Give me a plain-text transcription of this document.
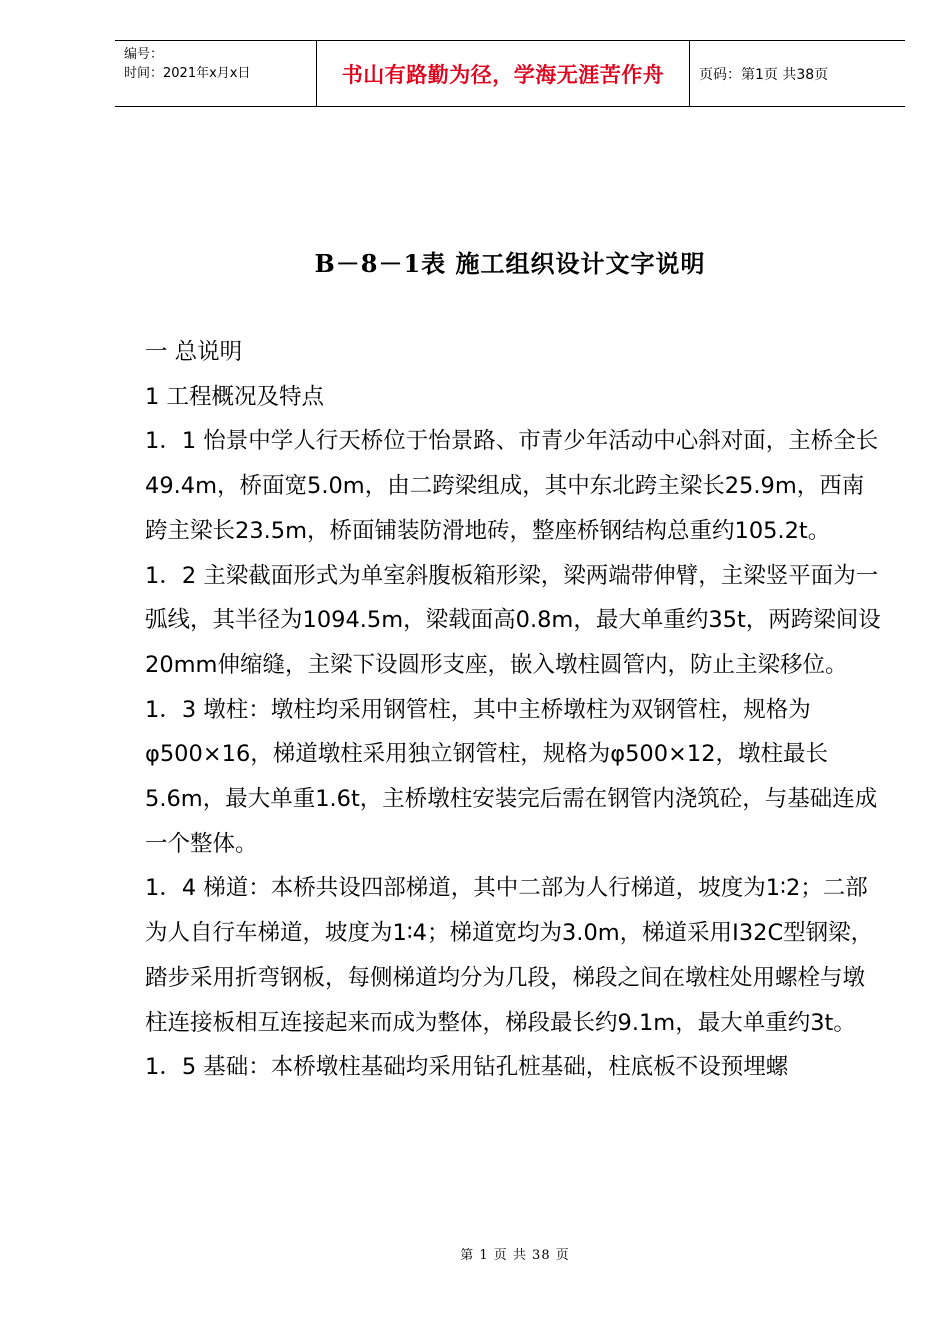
编号：
时间：2021年x月x日	书山有路勤为径，学海无涯苦作舟	页码：第1页 共38页
B－8－1表 施工组织设计文字说明

一 总说明

1 工程概况及特点

1．1 怡景中学人行天桥位于怡景路、市青少年活动中心斜对面，主桥全长49.4m，桥面宽5.0m，由二跨梁组成，其中东北跨主梁长25.9m，西南跨主梁长23.5m，桥面铺装防滑地砖，整座桥钢结构总重约105.2t。

1．2 主梁截面形式为单室斜腹板箱形梁，梁两端带伸臂，主梁竖平面为一弧线，其半径为1094.5m，梁载面高0.8m，最大单重约35t，两跨梁间设20mm伸缩缝，主梁下设圆形支座，嵌入墩柱圆管内，防止主梁移位。

1．3 墩柱：墩柱均采用钢管柱，其中主桥墩柱为双钢管柱，规格为φ500×16，梯道墩柱采用独立钢管柱，规格为φ500×12，墩柱最长5.6m，最大单重1.6t，主桥墩柱安装完后需在钢管内浇筑砼，与基础连成一个整体。

1．4 梯道：本桥共设四部梯道，其中二部为人行梯道，坡度为1∶2；二部为人自行车梯道，坡度为1∶4；梯道宽均为3.0m，梯道采用I32C型钢梁，踏步采用折弯钢板，每侧梯道均分为几段，梯段之间在墩柱处用螺栓与墩柱连接板相互连接起来而成为整体，梯段最长约9.1m，最大单重约3t。

1．5 基础：本桥墩柱基础均采用钻孔桩基础，柱底板不设预埋螺

第 1 页 共 38 页
